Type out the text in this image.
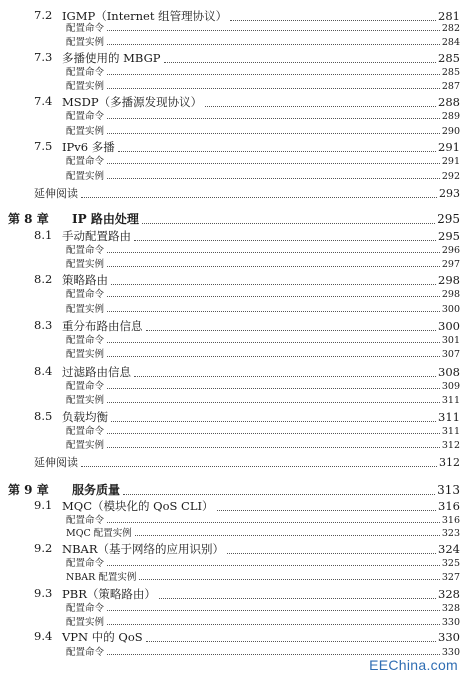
7.2 IGMP（Internet 组管理协议）	281
配置命令	282
配置实例	284
7.3 多播使用的 MBGP	285
配置命令	285
配置实例	287
7.4 MSDP（多播源发现协议）	288
配置命令	289
配置实例	290
7.5 IPv6 多播	291
配置命令	291
配置实例	292
延伸阅读	293
第 8 章 IP 路由处理	295
8.1 手动配置路由	295
配置命令	296
配置实例	297
8.2 策略路由	298
配置命令	298
配置实例	300
8.3 重分布路由信息	300
配置命令	301
配置实例	307
8.4 过滤路由信息	308
配置命令	309
配置实例	311
8.5 负载均衡	311
配置命令	311
配置实例	312
延伸阅读	312
第 9 章 服务质量	313
9.1 MQC（模块化的 QoS CLI）	316
配置命令	316
MQC 配置实例	323
9.2 NBAR（基于网络的应用识别）	324
配置命令	325
NBAR 配置实例	327
9.3 PBR（策略路由）	328
配置命令	328
配置实例	330
9.4 VPN 中的 QoS	330
配置命令	330
EEChina.com
